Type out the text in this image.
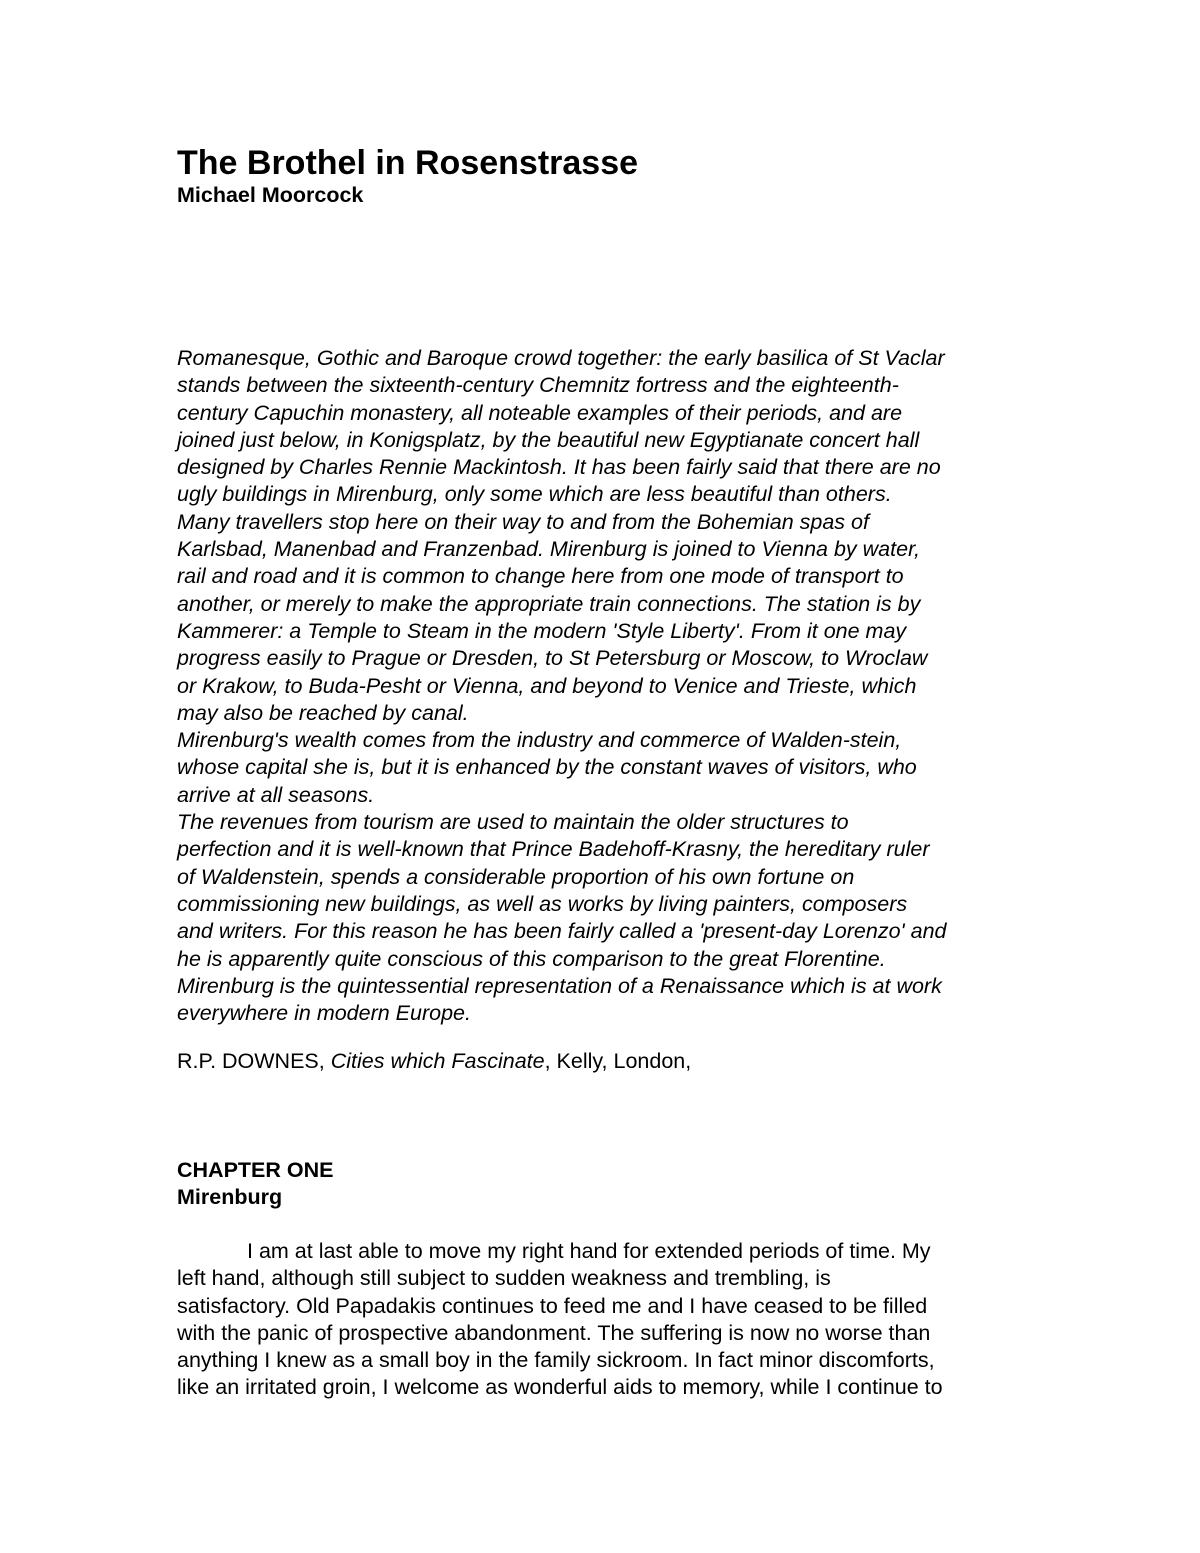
The Brothel in Rosenstrasse
Michael Moorcock

Romanesque, Gothic and Baroque crowd together: the early basilica of St Vaclar
stands between the sixteenth-century Chemnitz fortress and the eighteenth-
century Capuchin monastery, all noteable examples of their periods, and are
joined just below, in Konigsplatz, by the beautiful new Egyptianate concert hall
designed by Charles Rennie Mackintosh. It has been fairly said that there are no
ugly buildings in Mirenburg, only some which are less beautiful than others.
Many travellers stop here on their way to and from the Bohemian spas of
Karlsbad, Manenbad and Franzenbad. Mirenburg is joined to Vienna by water,
rail and road and it is common to change here from one mode of transport to
another, or merely to make the appropriate train connections. The station is by
Kammerer: a Temple to Steam in the modern 'Style Liberty'. From it one may
progress easily to Prague or Dresden, to St Petersburg or Moscow, to Wroclaw
or Krakow, to Buda-Pesht or Vienna, and beyond to Venice and Trieste, which
may also be reached by canal.

Mirenburg's wealth comes from the industry and commerce of Walden-stein,
whose capital she is, but it is enhanced by the constant waves of visitors, who
arrive at all seasons.

The revenues from tourism are used to maintain the older structures to
perfection and it is well-known that Prince Badehoff-Krasny, the hereditary ruler
of Waldenstein, spends a considerable proportion of his own fortune on
commissioning new buildings, as well as works by living painters, composers
and writers. For this reason he has been fairly called a 'present-day Lorenzo' and
he is apparently quite conscious of this comparison to the great Florentine.
Mirenburg is the quintessential representation of a Renaissance which is at work
everywhere in modern Europe.

R.P. DOWNES, Cities which Fascinate, Kelly, London,

CHAPTER ONE
Mirenburg

I am at last able to move my right hand for extended periods of time. My
left hand, although still subject to sudden weakness and trembling, is
satisfactory. Old Papadakis continues to feed me and I have ceased to be filled
with the panic of prospective abandonment. The suffering is now no worse than
anything I knew as a small boy in the family sickroom. In fact minor discomforts,
like an irritated groin, I welcome as wonderful aids to memory, while I continue to
